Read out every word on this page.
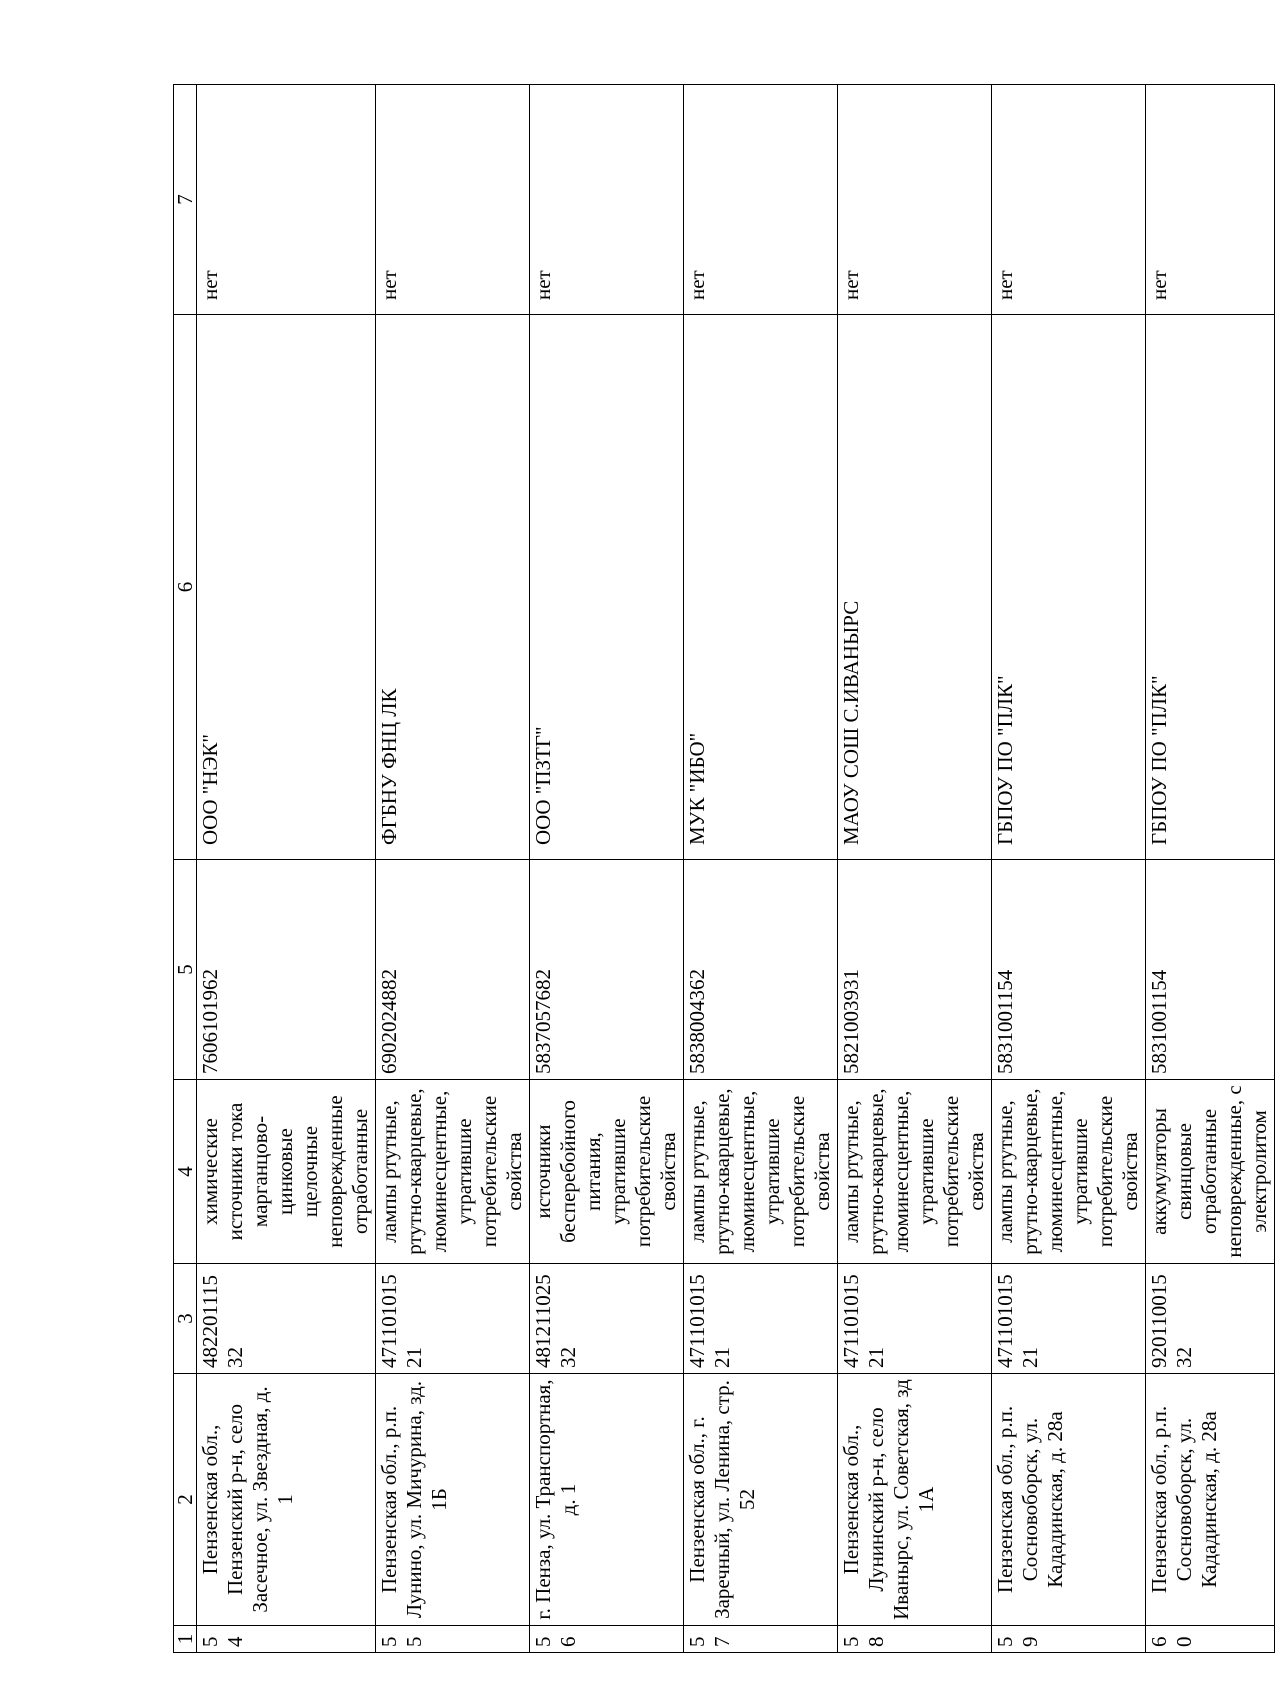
1	2	3	4	5	6	7
54	Пензенская обл., Пензенский р-н, село Засечное, ул. Звездная, д. 1	48220111532	химические источники тока марганцово-цинковые щелочные неповрежденные отработанные	7606101962	ООО "НЭК"	нет
55	Пензенская обл., р.п. Лунино, ул. Мичурина, зд. 1Б	47110101521	лампы ртутные, ртутно-кварцевые, люминесцентные, утратившие потребительские свойства	6902024882	ФГБНУ ФНЦ ЛК	нет
56	г. Пенза, ул. Транспортная, д. 1	48121102532	источники бесперебойного питания, утратившие потребительские свойства	5837057682	ООО "ПЗТГ"	нет
57	Пензенская обл., г. Заречный, ул. Ленина, стр. 52	47110101521	лампы ртутные, ртутно-кварцевые, люминесцентные, утратившие потребительские свойства	5838004362	МУК "ИБО"	нет
58	Пензенская обл., Лунинский р-н, село Иваныpс, ул. Советская, зд 1А	47110101521	лампы ртутные, ртутно-кварцевые, люминесцентные, утратившие потребительские свойства	5821003931	МАОУ СОШ С.ИВАНЫРС	нет
59	Пензенская обл., р.п. Сосновоборск, ул. Кададинская, д. 28а	47110101521	лампы ртутные, ртутно-кварцевые, люминесцентные, утратившие потребительские свойства	5831001154	ГБПОУ ПО "ПЛК"	нет
60	Пензенская обл., р.п. Сосновоборск, ул. Кададинская, д. 28а	92011001532	аккумуляторы свинцовые отработанные неповрежденные, с электролитом	5831001154	ГБПОУ ПО "ПЛК"	нет
